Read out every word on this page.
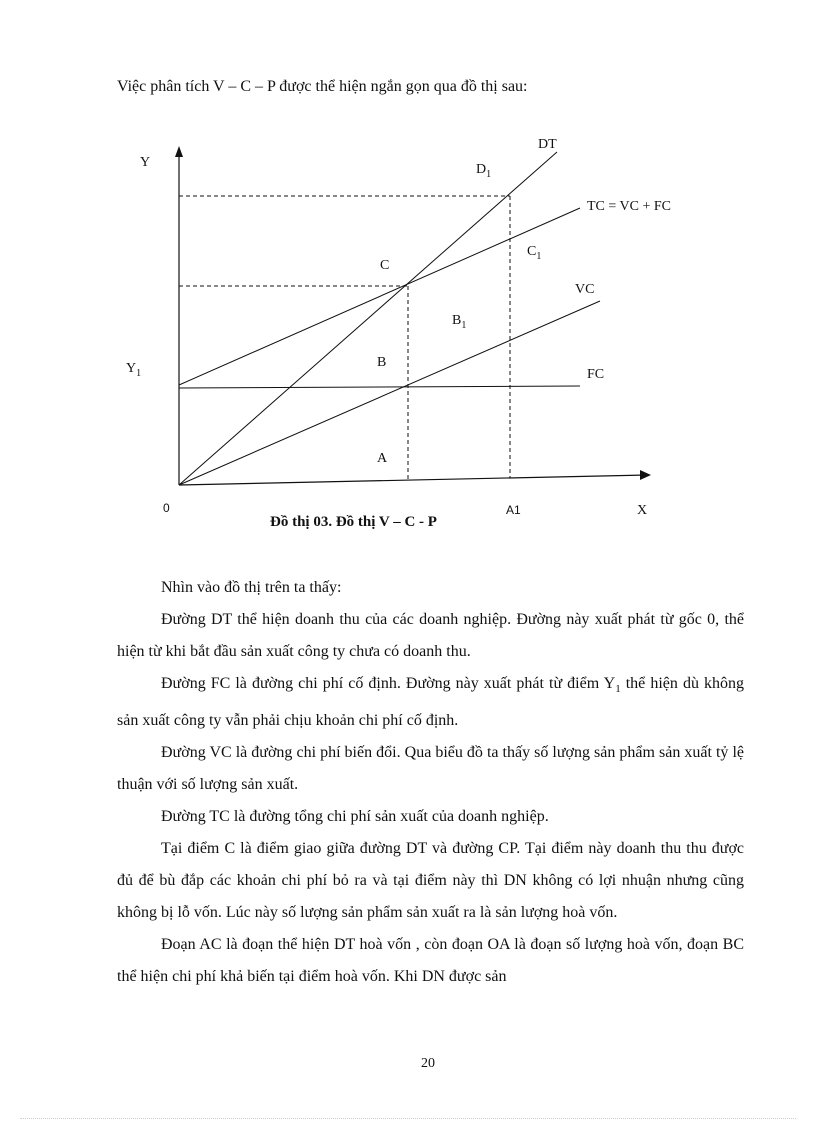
Việc phân tích V – C – P được thể hiện ngắn gọn qua đồ thị sau:
Y
X
0
$Y_1$
DT
TC = VC + FC
VC
FC
$D_1$
$C_1$
$B_1$
C
B
A
A1
Đồ thị 03. Đồ thị V – C - P

Nhìn vào đồ thị trên ta thấy:

Đường DT thể hiện doanh thu của các doanh nghiệp. Đường này xuất phát từ gốc 0, thể hiện từ khi bắt đầu sản xuất công ty chưa có doanh thu.

Đường FC là đường chi phí cố định. Đường này xuất phát từ điểm $Y_1$ thể hiện dù không sản xuất công ty vẫn phải chịu khoản chi phí cố định.

Đường VC là đường chi phí biến đổi. Qua biểu đồ ta thấy số lượng sản phẩm sản xuất tỷ lệ thuận với số lượng sản xuất.

Đường TC là đường tổng chi phí sản xuất của doanh nghiệp.

Tại điểm C là điểm giao giữa đường DT và đường CP. Tại điểm này doanh thu thu được đủ để bù đắp các khoản chi phí bỏ ra và tại điểm này thì DN không có lợi nhuận nhưng cũng không bị lỗ vốn. Lúc này số lượng sản phẩm sản xuất ra là sản lượng hoà vốn.

Đoạn AC là đoạn thể hiện DT hoà vốn , còn đoạn OA là đoạn số lượng hoà vốn, đoạn BC thể hiện chi phí khả biến tại điểm hoà vốn. Khi DN được sản

20
